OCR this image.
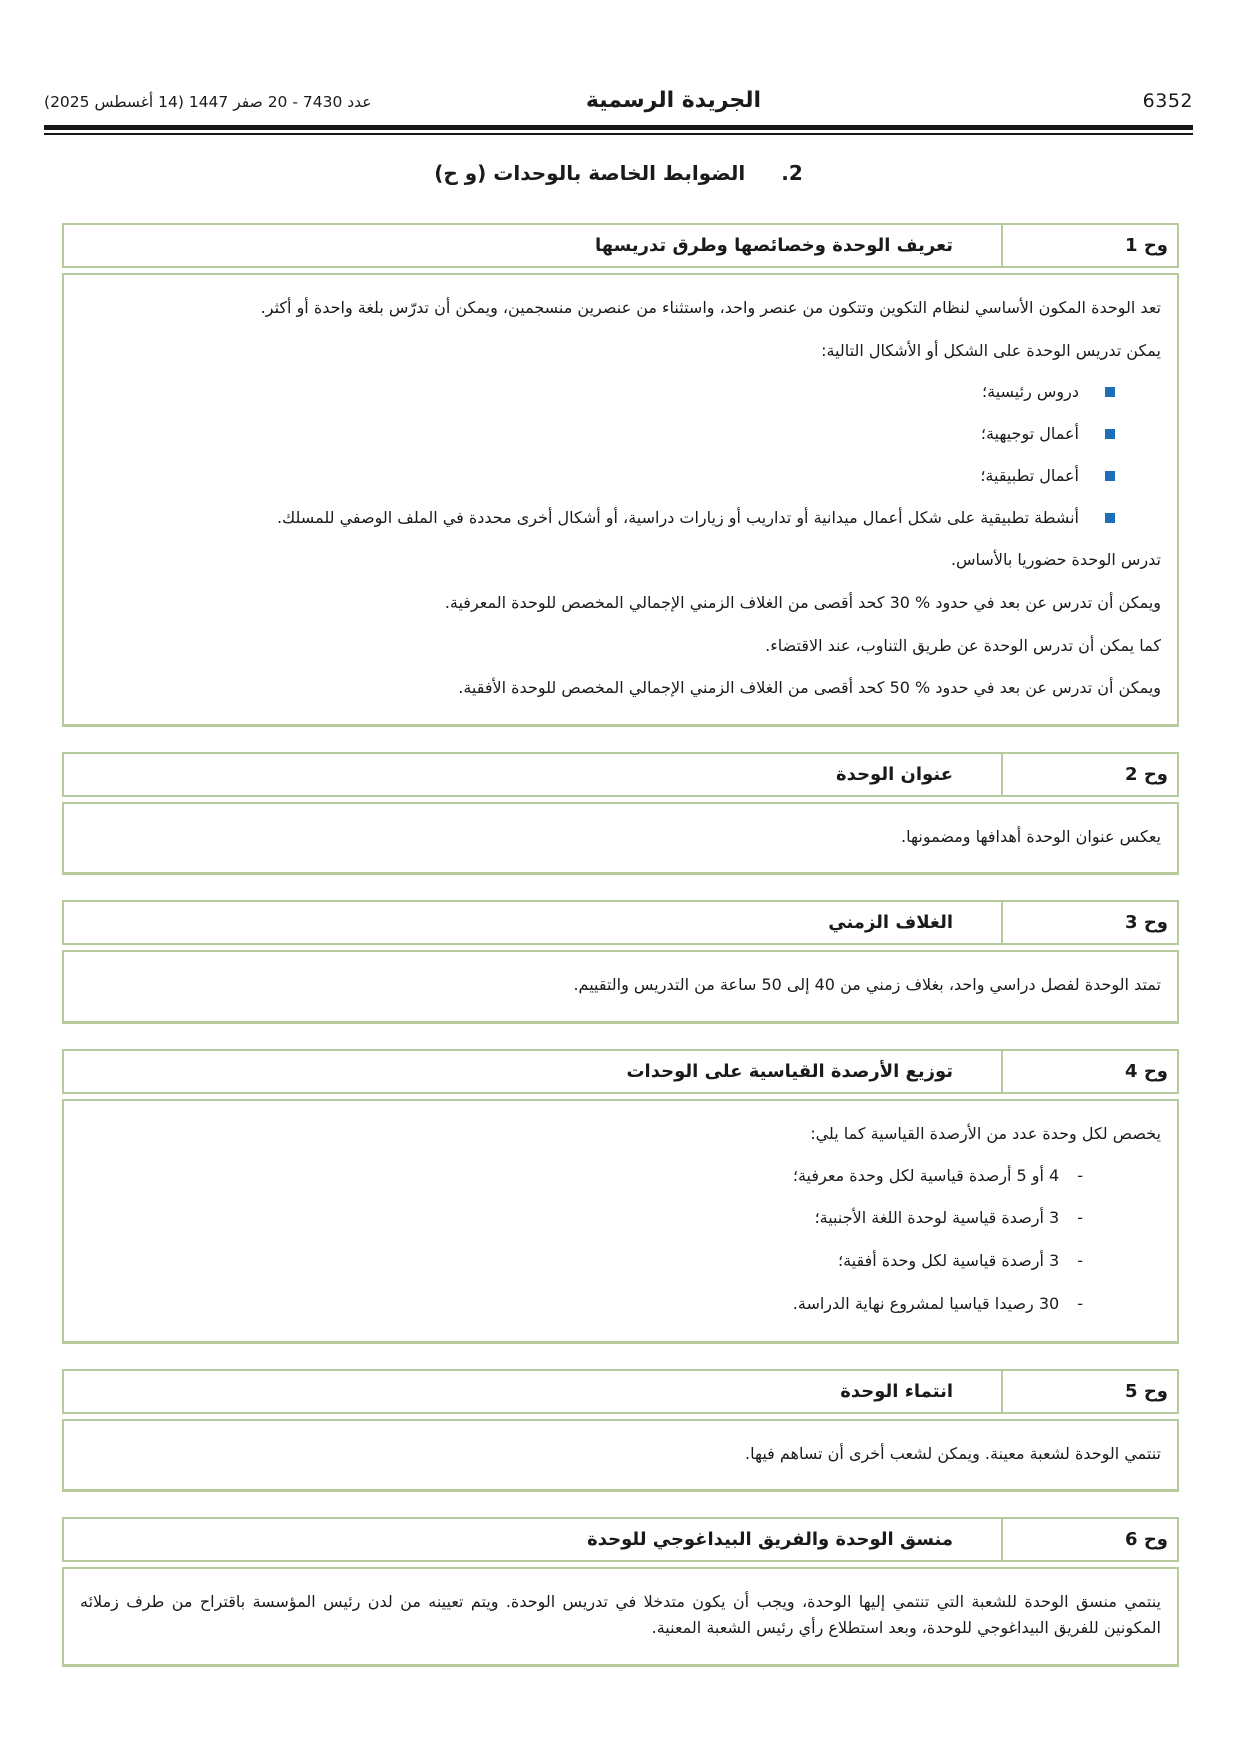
6352
الجريدة الرسمية
عدد 7430 - 20 صفر 1447 (14 أغسطس 2025)
2.
الضوابط الخاصة بالوحدات (و ح)
وح 1
تعريف الوحدة وخصائصها وطرق تدريسها

تعد الوحدة المكون الأساسي لنظام التكوين وتتكون من عنصر واحد، واستثناء من عنصرين منسجمين، ويمكن أن تدرّس بلغة واحدة أو أكثر.

يمكن تدريس الوحدة على الشكل أو الأشكال التالية:

دروس رئيسية؛
أعمال توجيهية؛
أعمال تطبيقية؛
أنشطة تطبيقية على شكل أعمال ميدانية أو تداريب أو زيارات دراسية، أو أشكال أخرى محددة في الملف الوصفي للمسلك.

تدرس الوحدة حضوريا بالأساس.

ويمكن أن تدرس عن بعد في حدود % 30 كحد أقصى من الغلاف الزمني الإجمالي المخصص للوحدة المعرفية.

كما يمكن أن تدرس الوحدة عن طريق التناوب، عند الاقتضاء.

ويمكن أن تدرس عن بعد في حدود % 50 كحد أقصى من الغلاف الزمني الإجمالي المخصص للوحدة الأفقية.

وح 2
عنوان الوحدة

يعكس عنوان الوحدة أهدافها ومضمونها.

وح 3
الغلاف الزمني

تمتد الوحدة لفصل دراسي واحد، بغلاف زمني من 40 إلى 50 ساعة من التدريس والتقييم.

وح 4
توزيع الأرصدة القياسية على الوحدات

يخصص لكل وحدة عدد من الأرصدة القياسية كما يلي:

-
4 أو 5 أرصدة قياسية لكل وحدة معرفية؛
-
3 أرصدة قياسية لوحدة اللغة الأجنبية؛
-
3 أرصدة قياسية لكل وحدة أفقية؛
-
30 رصيدا قياسيا لمشروع نهاية الدراسة.
وح 5
انتماء الوحدة

تنتمي الوحدة لشعبة معينة. ويمكن لشعب أخرى أن تساهم فيها.

وح 6
منسق الوحدة والفريق البيداغوجي للوحدة

ينتمي منسق الوحدة للشعبة التي تنتمي إليها الوحدة، ويجب أن يكون متدخلا في تدريس الوحدة. ويتم تعيينه من لدن رئيس المؤسسة باقتراح من طرف زملائه المكونين للفريق البيداغوجي للوحدة، وبعد استطلاع رأي رئيس الشعبة المعنية.
